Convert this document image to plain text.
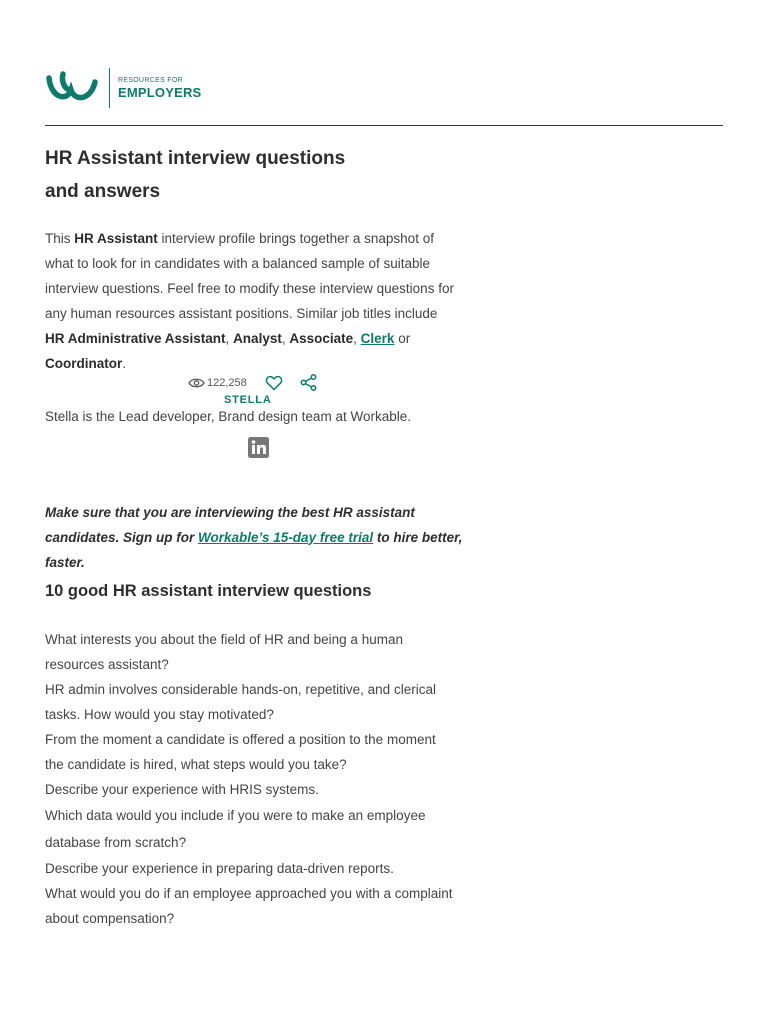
RESOURCES FOR
EMPLOYERS
HR Assistant interview questions and answers

This HR Assistant interview profile brings together a snapshot of what to look for in candidates with a balanced sample of suitable interview questions. Feel free to modify these interview questions for any human resources assistant positions. Similar job titles include HR Administrative Assistant, Analyst, Associate, Clerk or Coordinator.

122,258
STELLA
Stella is the Lead developer, Brand design team at Workable.

Make sure that you are interviewing the best HR assistant candidates. Sign up for Workable’s 15-day free trial to hire better, faster.

10 good HR assistant interview questions
What interests you about the field of HR and being a human resources assistant?
HR admin involves considerable hands-on, repetitive, and clerical tasks. How would you stay motivated?
From the moment a candidate is offered a position to the moment the candidate is hired, what steps would you take?
Describe your experience with HRIS systems.
Which data would you include if you were to make an employee database from scratch?
Describe your experience in preparing data-driven reports.
What would you do if an employee approached you with a complaint about compensation?
